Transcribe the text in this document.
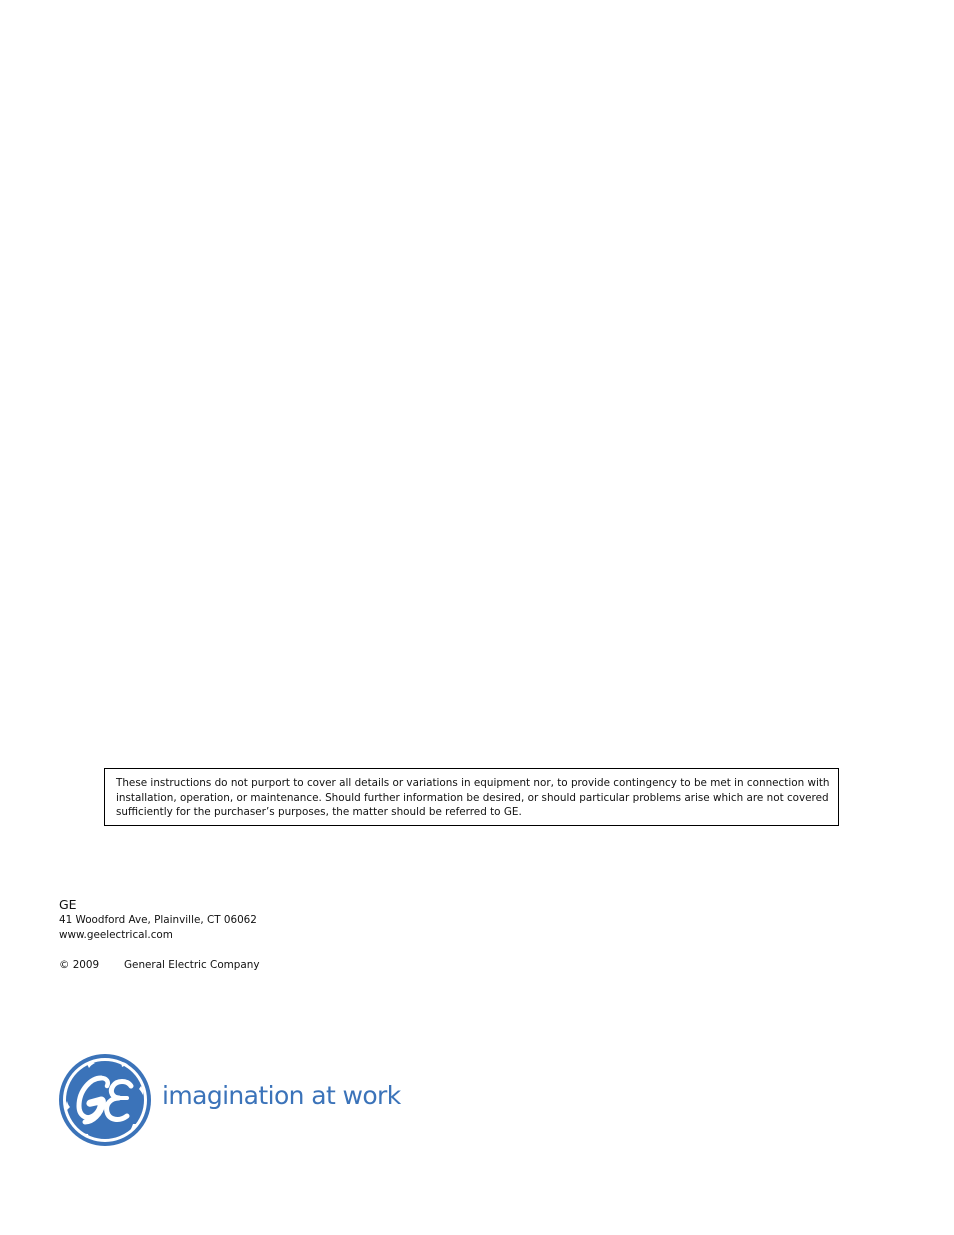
These instructions do not purport to cover all details or variations in equipment nor, to provide contingency to be met in connection with installation, operation, or maintenance. Should further information be desired, or should particular problems arise which are not covered sufficiently for the purchaser’s purposes, the matter should be referred to GE.

GE

41 Woodford Ave, Plainville, CT 06062

www.geelectrical.com

© 2009 General Electric Company
imagination at work
